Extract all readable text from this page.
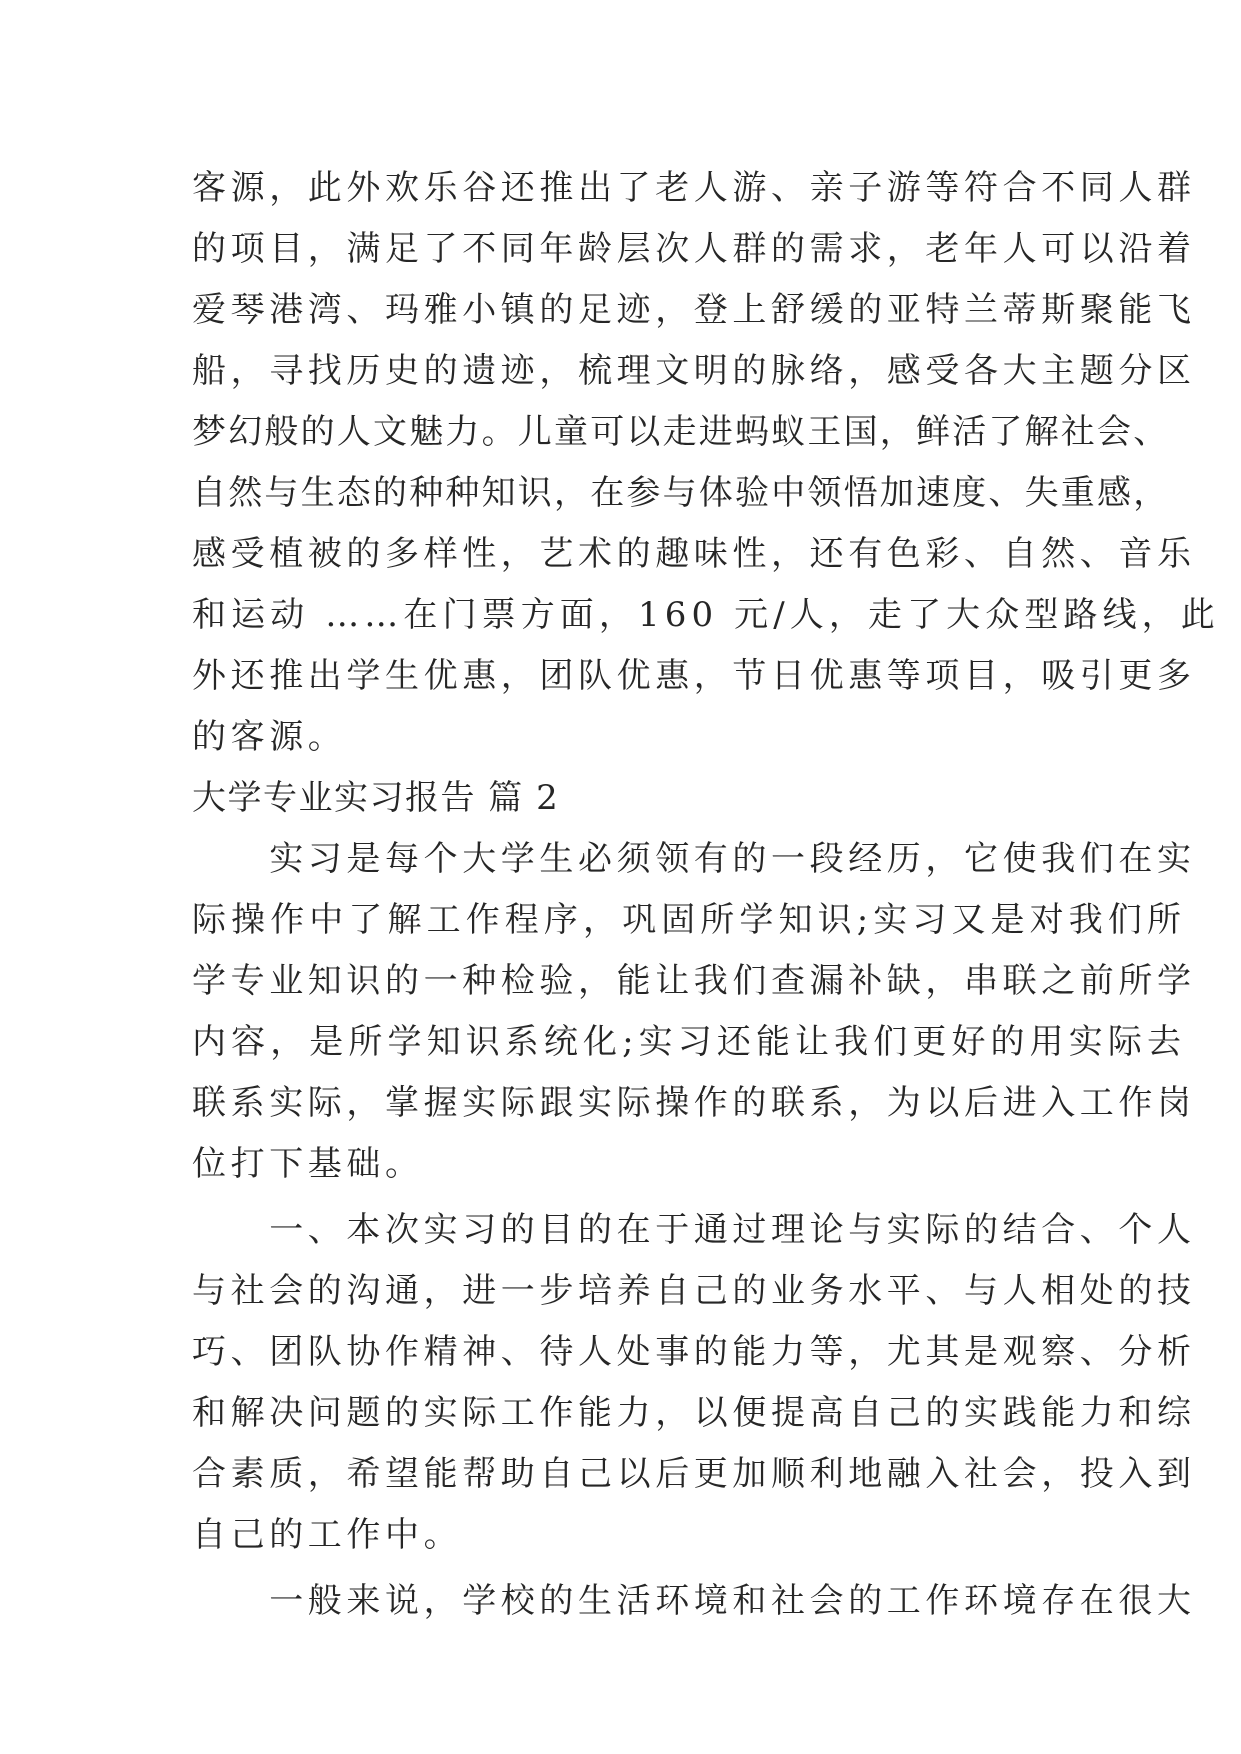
客源，此外欢乐谷还推出了老人游、亲子游等符合不同人群
的项目，满足了不同年龄层次人群的需求，老年人可以沿着
爱琴港湾、玛雅小镇的足迹，登上舒缓的亚特兰蒂斯聚能飞
船，寻找历史的遗迹，梳理文明的脉络，感受各大主题分区
梦幻般的人文魅力。儿童可以走进蚂蚁王国，鲜活了解社会、
自然与生态的种种知识，在参与体验中领悟加速度、失重感，
感受植被的多样性，艺术的趣味性，还有色彩、自然、音乐
和运动 ……在门票方面，160 元/人，走了大众型路线，此
外还推出学生优惠，团队优惠，节日优惠等项目，吸引更多
的客源。
大学专业实习报告 篇 2
　　实习是每个大学生必须领有的一段经历，它使我们在实
际操作中了解工作程序，巩固所学知识;实习又是对我们所
学专业知识的一种检验，能让我们查漏补缺，串联之前所学
内容，是所学知识系统化;实习还能让我们更好的用实际去
联系实际，掌握实际跟实际操作的联系，为以后进入工作岗
位打下基础。
　　一、本次实习的目的在于通过理论与实际的结合、个人
与社会的沟通，进一步培养自己的业务水平、与人相处的技
巧、团队协作精神、待人处事的能力等，尤其是观察、分析
和解决问题的实际工作能力，以便提高自己的实践能力和综
合素质，希望能帮助自己以后更加顺利地融入社会，投入到
自己的工作中。
　　一般来说，学校的生活环境和社会的工作环境存在很大
